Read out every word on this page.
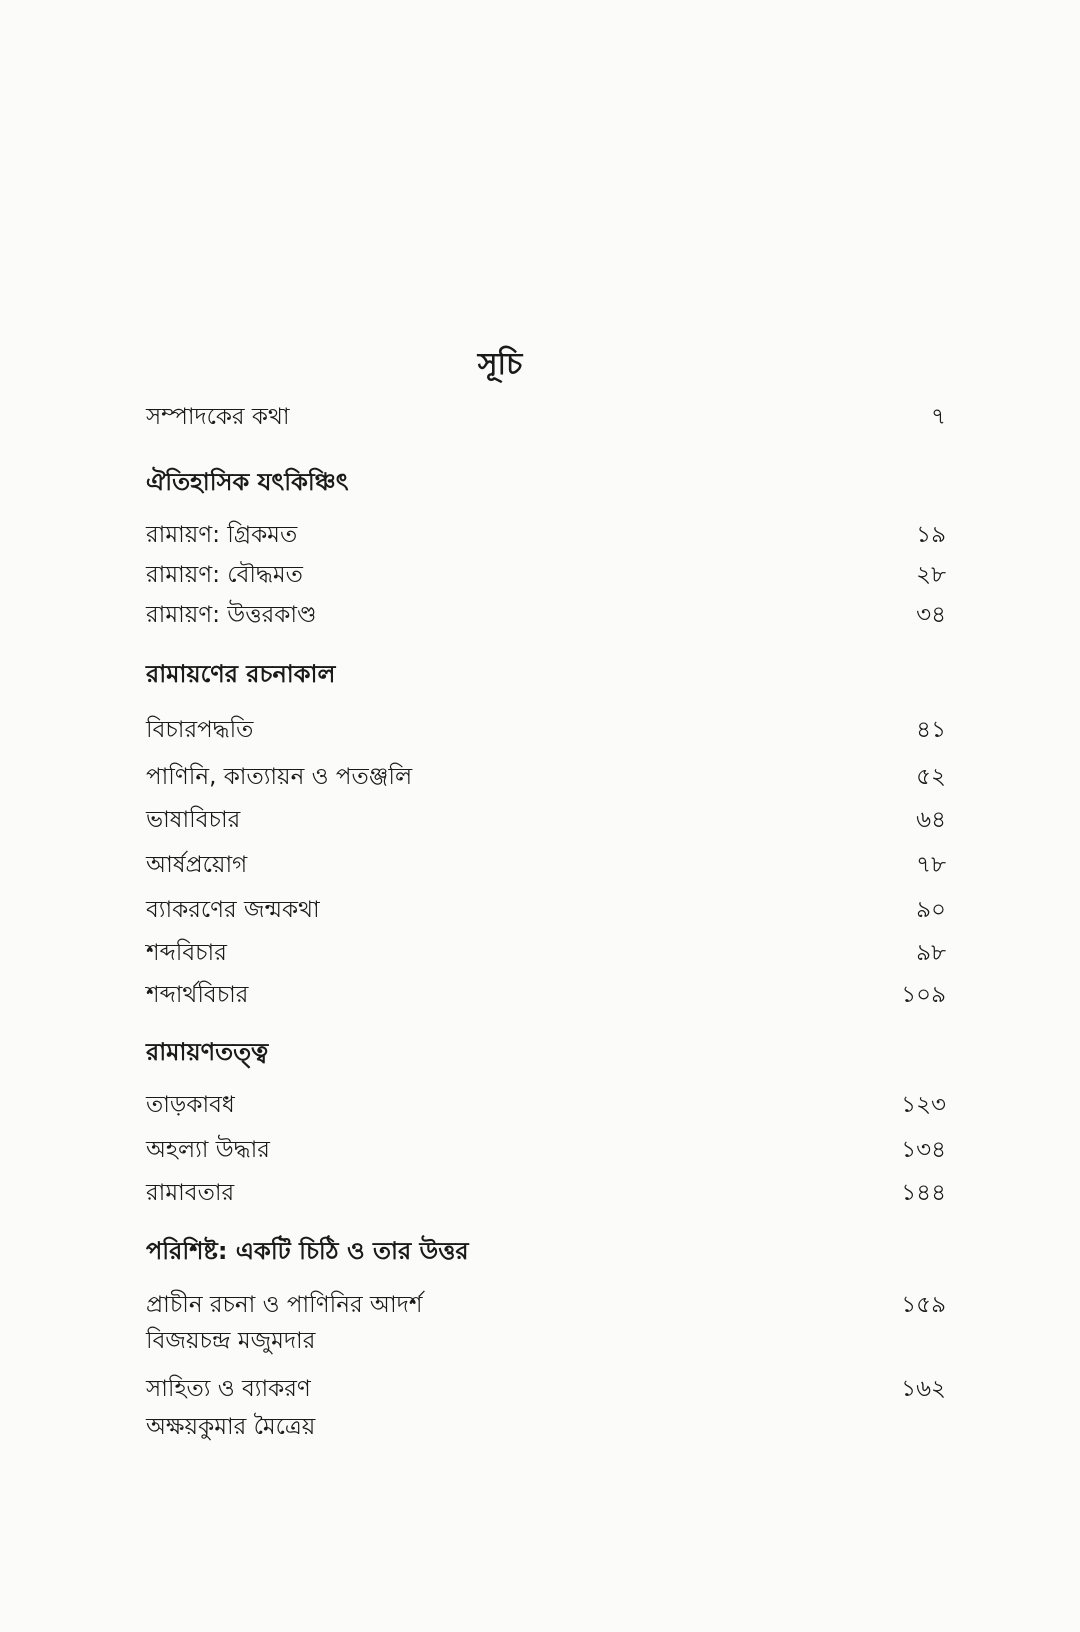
সূচি
সম্পাদকের কথা	৭
ঐতিহাসিক যৎকিঞ্চিৎ
রামায়ণ: গ্রিকমত	১৯
রামায়ণ: বৌদ্ধমত	২৮
রামায়ণ: উত্তরকাণ্ড	৩৪
রামায়ণের রচনাকাল
বিচারপদ্ধতি	৪১
পাণিনি, কাত্যায়ন ও পতঞ্জলি	৫২
ভাষাবিচার	৬৪
আর্ষপ্রয়োগ	৭৮
ব্যাকরণের জন্মকথা	৯০
শব্দবিচার	৯৮
শব্দার্থবিচার	১০৯
রামায়ণতত্ত্ব
তাড়কাবধ	১২৩
অহল্যা উদ্ধার	১৩৪
রামাবতার	১৪৪
পরিশিষ্ট: একটি চিঠি ও তার উত্তর
প্রাচীন রচনা ও পাণিনির আদর্শ	১৫৯
বিজয়চন্দ্র মজুমদার
সাহিত্য ও ব্যাকরণ	১৬২
অক্ষয়কুমার মৈত্রেয়
